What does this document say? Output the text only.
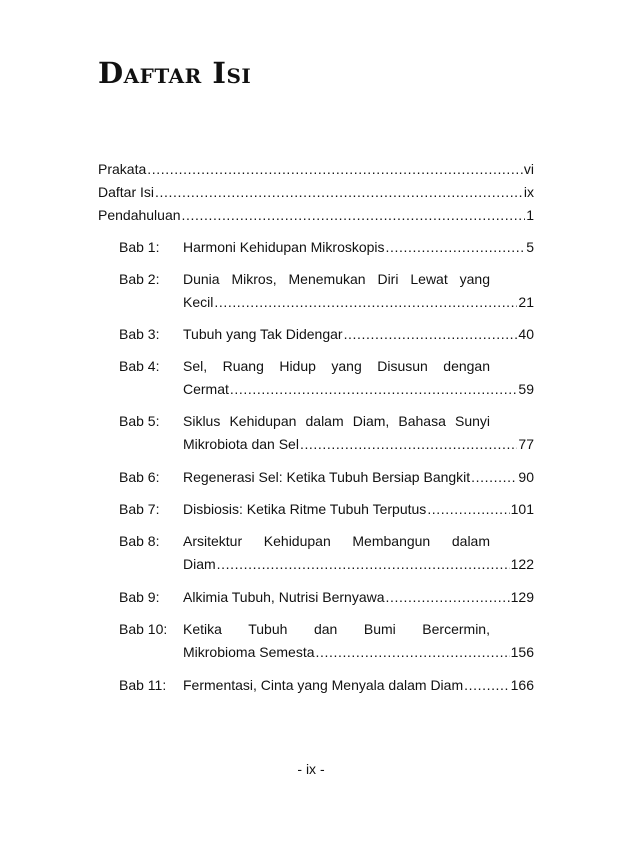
Daftar Isi
Prakata .....	vi
Daftar Isi .....	ix
Pendahuluan .....	1
Bab 1: Harmoni Kehidupan Mikroskopis .....	5
Bab 2: Dunia Mikros, Menemukan Diri Lewat yang
Kecil .....	21
Bab 3: Tubuh yang Tak Didengar .....	40
Bab 4: Sel, Ruang Hidup yang Disusun dengan
Cermat .....	59
Bab 5: Siklus Kehidupan dalam Diam, Bahasa Sunyi
Mikrobiota dan Sel .....	77
Bab 6: Regenerasi Sel: Ketika Tubuh Bersiap Bangkit .....	90
Bab 7: Disbiosis: Ketika Ritme Tubuh Terputus .....	101
Bab 8: Arsitektur Kehidupan Membangun dalam
Diam .....	122
Bab 9: Alkimia Tubuh, Nutrisi Bernyawa .....	129
Bab 10: Ketika Tubuh dan Bumi Bercermin,
Mikrobioma Semesta .....	156
Bab 11: Fermentasi, Cinta yang Menyala dalam Diam .....	166
- ix -
